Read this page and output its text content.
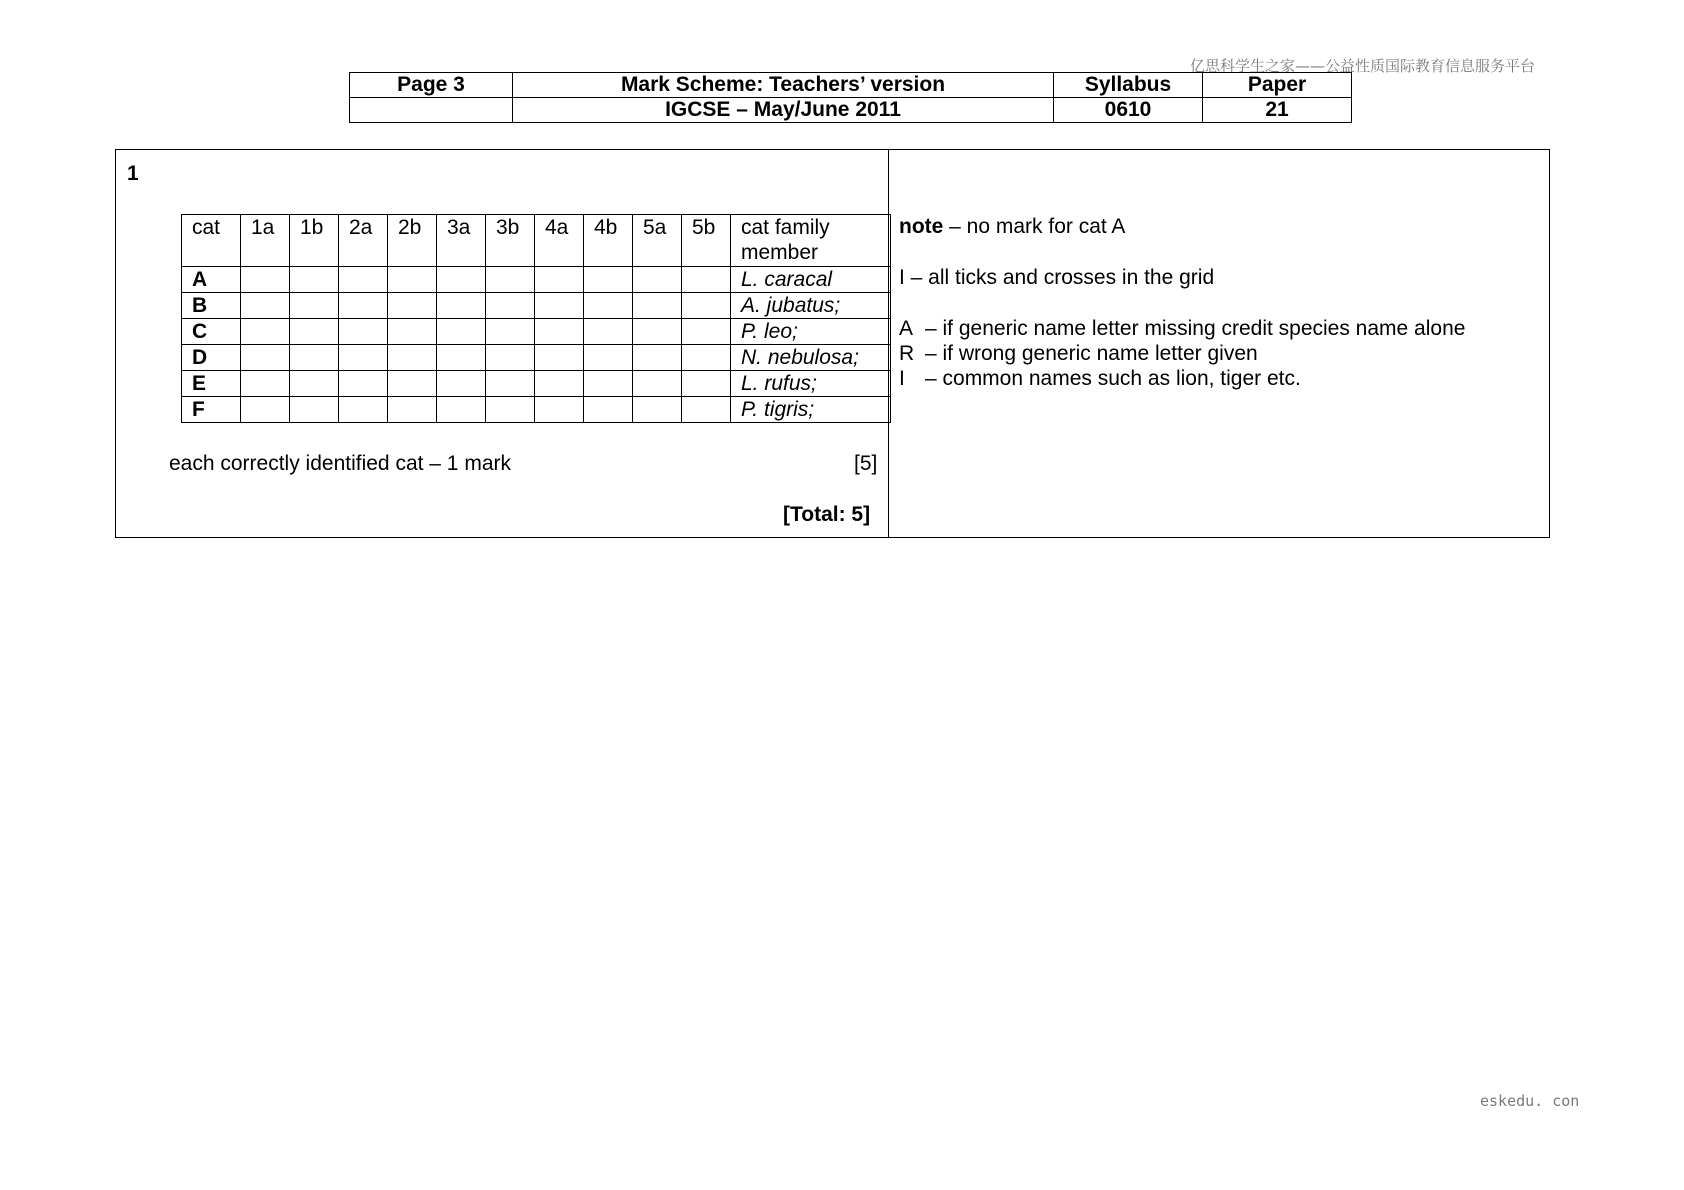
亿思科学生之家——公益性质国际教育信息服务平台
Page 3	Mark Scheme: Teachers’ version	Syllabus	Paper
	IGCSE – May/June 2011	0610	21
1
cat	1a	1b	2a	2b	3a	3b	4a	4b	5a	5b	cat family member
A											L. caracal
B											A. jubatus;
C											P. leo;
D											N. nebulosa;
E											L. rufus;
F											P. tigris;
each correctly identified cat – 1 mark	[5]
[Total: 5]
note – no mark for cat A
I – all ticks and crosses in the grid
A – if generic name letter missing credit species name alone
R – if wrong generic name letter given
I – common names such as lion, tiger etc.
eskedu. con
